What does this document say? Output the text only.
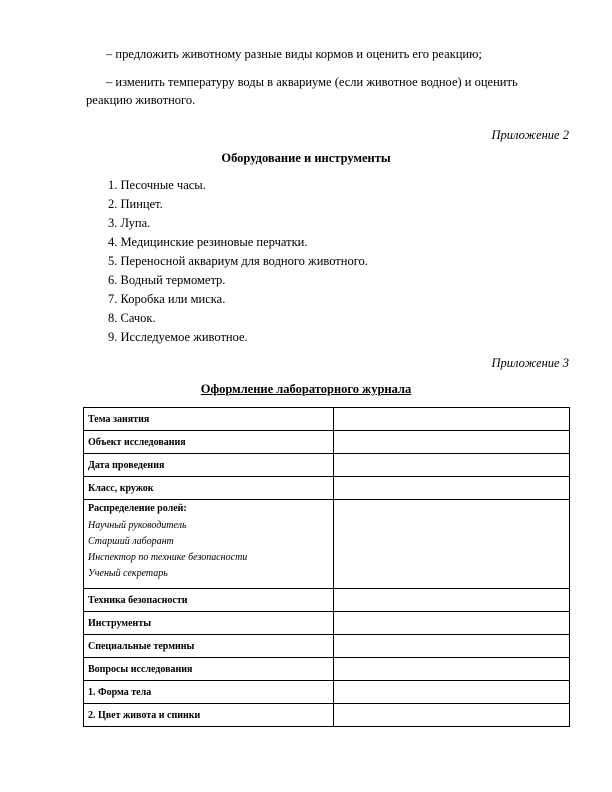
– предложить животному разные виды кормов и оценить его реакцию;
– изменить температуру воды в аквариуме (если животное водное) и оценить
реакцию животного.
Приложение 2
Оборудование и инструменты
1. Песочные часы.
2. Пинцет.
3. Лупа.
4. Медицинские резиновые перчатки.
5. Переносной аквариум для водного животного.
6. Водный термометр.
7. Коробка или миска.
8. Сачок.
9. Исследуемое животное.
Приложение 3
Оформление лабораторного журнала
Тема занятия	
Объект исследования	
Дата проведения	
Класс, кружок	

Распределение ролей:
Научный руководитель
Старший лаборант
Инспектор по технике безопасности
Ученый секретарь	

Техника безопасности	
Инструменты	
Специальные термины	
Вопросы исследования	
1. Форма тела	
2. Цвет живота и спинки	
